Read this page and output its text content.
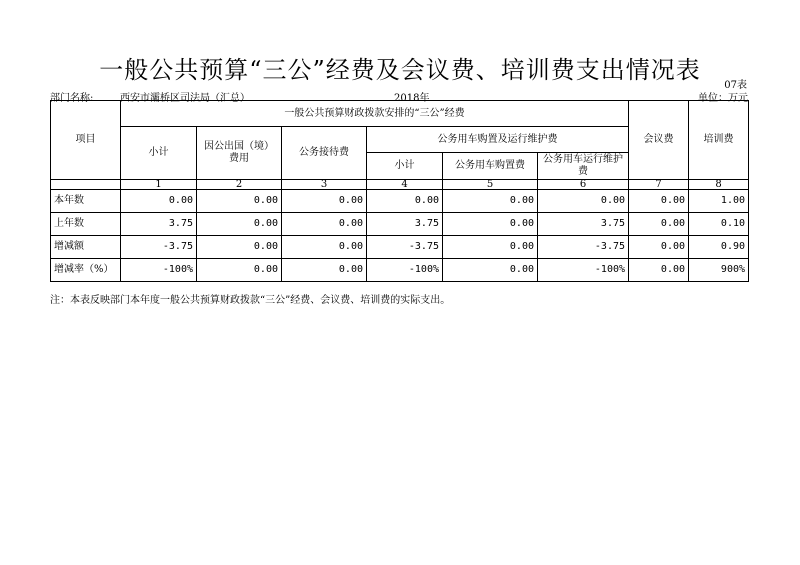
一般公共预算“三公”经费及会议费、培训费支出情况表
07表
部门名称:	西安市灞桥区司法局（汇总）	2018年	单位：万元
项目	一般公共预算财政拨款安排的“三公”经费						会议费	培训费
	小计	因公出国（境）费用	公务接待费	公务用车购置及运行维护费				
				小计	公务用车购置费	公务用车运行维护费		
	1	2	3	4	5	6	7	8
本年数	0.00	0.00	0.00	0.00	0.00	0.00	0.00	1.00
上年数	3.75	0.00	0.00	3.75	0.00	3.75	0.00	0.10
增减额	-3.75	0.00	0.00	-3.75	0.00	-3.75	0.00	0.90
增减率（%）	-100%	0.00	0.00	-100%	0.00	-100%	0.00	900%
注：本表反映部门本年度一般公共预算财政拨款“三公”经费、会议费、培训费的实际支出。
